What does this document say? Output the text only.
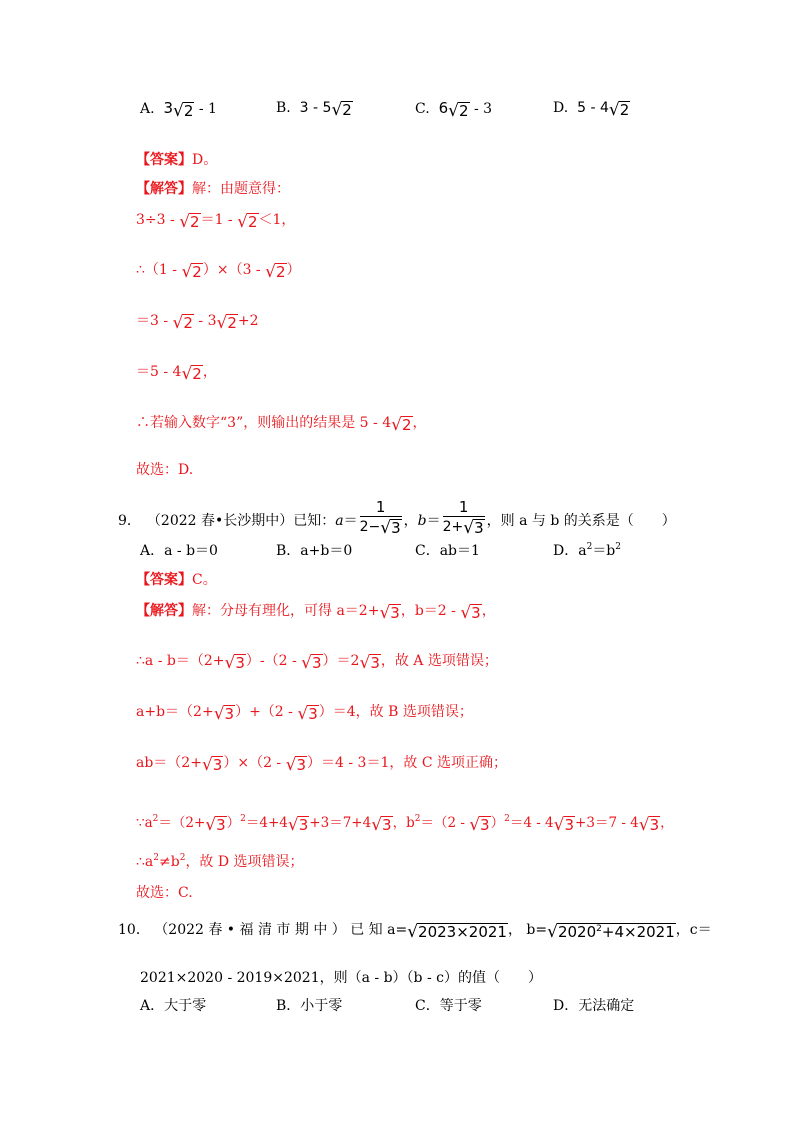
A. 3 √ 2 - 1	B. 3 - 5 √ 2	C. 6 √ 2 - 3	D. 5 - 4 √ 2
【答案】D。
【解答】解：由题意得：
3÷3 - √ 2 ＝1 - √ 2 ＜1，
∴（1 - √ 2 ）×（3 - √ 2 ）
＝3 - √ 2 - 3 √ 2 +2
＝5 - 4 √ 2 ，
∴若输入数字“3”，则输出的结果是 5 - 4 √ 2 ，
故选：D.
9． （2022 春•长沙期中）已知： $a = \frac{1}{2- √ 3}$ ， $b = \frac{1}{2+ √ 3}$ ，则 a 与 b 的关系是（　　）
A．a - b＝0	B．a+b＝0	C．ab＝1	D．$a^2=b^2$
【答案】C。
【解答】解：分母有理化，可得 a＝2+ √ 3 ，b＝2 - √ 3 ，
∴a - b＝（2+ √ 3 ）-（2 - √ 3 ）＝2 √ 3 ，故 A 选项错误；
a+b＝（2+ √ 3 ）+（2 - √ 3 ）＝4，故 B 选项错误；
ab＝（2+ √ 3 ）×（2 - √ 3 ）＝4 - 3＝1，故 C 选项正确；
$\because a^2=(2+$ √ 3 ）$^2$＝4+4 √ 3 +3＝7+4 √ 3 ，$b^2=(2$ - √ 3 ）$^2$＝4 - 4 √ 3 +3＝7 - 4 √ 3 ，
$\therefore a^2\ne b^2$，故 D 选项错误；
故选：C.
10． （2022 春 • 福 清 市 期 中 ） 已 知 a= √ 2023×2021 ， b= √ $2020^2+4\times 2021$ ，c＝
2021×2020 - 2019×2021，则（a - b）（b - c）的值（　　）
A．大于零	B．小于零	C．等于零	D．无法确定
